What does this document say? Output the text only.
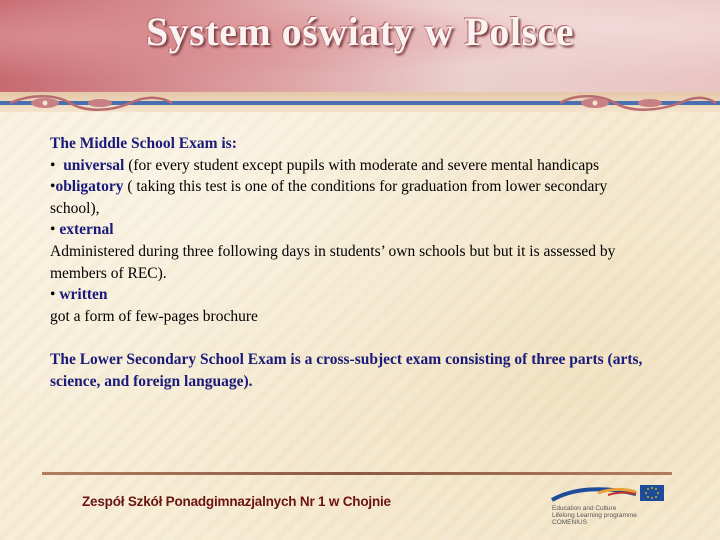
System oświaty w Polsce

The Middle School Exam is:

• universal (for every student except pupils with moderate and severe mental handicaps

•obligatory ( taking this test is one of the conditions for graduation from lower secondary school),

• external

Administered during three following days in students’ own schools but but it is assessed by members of REC).

• written

got a form of few-pages brochure

The Lower Secondary School Exam is a cross-subject exam consisting of three parts (arts, science, and foreign language).

Zespół Szkół Ponadgimnazjalnych Nr 1 w Chojnie	Education and Culture
Lifelong Learning programme
COMENIUS
